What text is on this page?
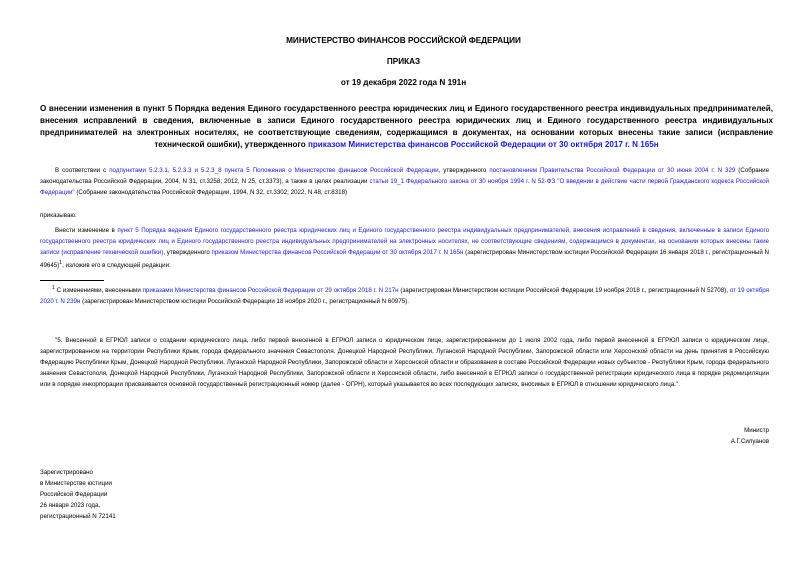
МИНИСТЕРСТВО ФИНАНСОВ РОССИЙСКОЙ ФЕДЕРАЦИИ
ПРИКАЗ
от 19 декабря 2022 года N 191н
О внесении изменения в пункт 5 Порядка ведения Единого государственного реестра юридических лиц и Единого государственного реестра индивидуальных предпринимателей, внесения исправлений в сведения, включенные в записи Единого государственного реестра юридических лиц и Единого государственного реестра индивидуальных предпринимателей на электронных носителях, не соответствующие сведениям, содержащимся в документах, на основании которых внесены такие записи (исправление технической ошибки), утвержденного приказом Министерства финансов Российской Федерации от 30 октября 2017 г. N 165н
В соответствии с подпунктами 5.2.3.1, 5.2.3.3 и 5.2.3_8 пункта 5 Положения о Министерстве финансов Российской Федерации, утвержденного постановлением Правительства Российской Федерации от 30 июня 2004 г. N 329 (Собрание законодательства Российской Федерации, 2004, N 31, ст.3258; 2012, N 25, ст.3373), а также в целях реализации статьи 19_1 Федерального закона от 30 ноября 1994 г. N 52-ФЗ "О введении в действие части первой Гражданского кодекса Российской Федерации" (Собрание законодательства Российской Федерации, 1994, N 32, ст.3302; 2022, N 48, ст.8318)
приказываю:
Внести изменение в пункт 5 Порядка ведения Единого государственного реестра юридических лиц и Единого государственного реестра индивидуальных предпринимателей, внесения исправлений в сведения, включенные в записи Единого государственного реестра юридических лиц и Единого государственного реестра индивидуальных предпринимателей на электронных носителях, не соответствующие сведениям, содержащимся в документах, на основании которых внесены такие записи (исправление технической ошибки), утвержденного приказом Министерства финансов Российской Федерации от 30 октября 2017 г. N 165н (зарегистрирован Министерством юстиции Российской Федерации 16 января 2018 г., регистрационный N 49645)$^1$, изложив его в следующей редакции:
$^1$ С изменениями, внесенными приказами Министерства финансов Российской Федерации от 29 октября 2018 г. N 217н (зарегистрирован Министерством юстиции Российской Федерации 19 ноября 2018 г., регистрационный N 52708), от 19 октября 2020 г. N 239н (зарегистрирован Министерством юстиции Российской Федерации 18 ноября 2020 г., регистрационный N 60975).
"5. Внесенной в ЕГРЮЛ записи о создании юридического лица, либо первой внесенной в ЕГРЮЛ записи о юридическом лице, зарегистрированном до 1 июля 2002 года, либо первой внесенной в ЕГРЮЛ записи о юридическом лице, зарегистрированном на территории Республики Крым, города федерального значения Севастополя, Донецкой Народной Республики, Луганской Народной Республики, Запорожской области или Херсонской области на день принятия в Российскую Федерацию Республики Крым, Донецкой Народной Республики, Луганской Народной Республики, Запорожской области и Херсонской области и образования в составе Российской Федерации новых субъектов - Республики Крым, города федерального значения Севастополя, Донецкой Народной Республики, Луганской Народной Республики, Запорожской области и Херсонской области, либо внесенной в ЕГРЮЛ записи о государственной регистрации юридического лица в порядке редомициляции или в порядке инкорпорации присваивается основной государственный регистрационный номер (далее - ОГРН), который указывается во всех последующих записях, вносимых в ЕГРЮЛ в отношении юридического лица.".
Министр
А.Г.Силуанов
Зарегистрировано
в Министерстве юстиции
Российской Федерации
26 января 2023 года,
регистрационный N 72141
